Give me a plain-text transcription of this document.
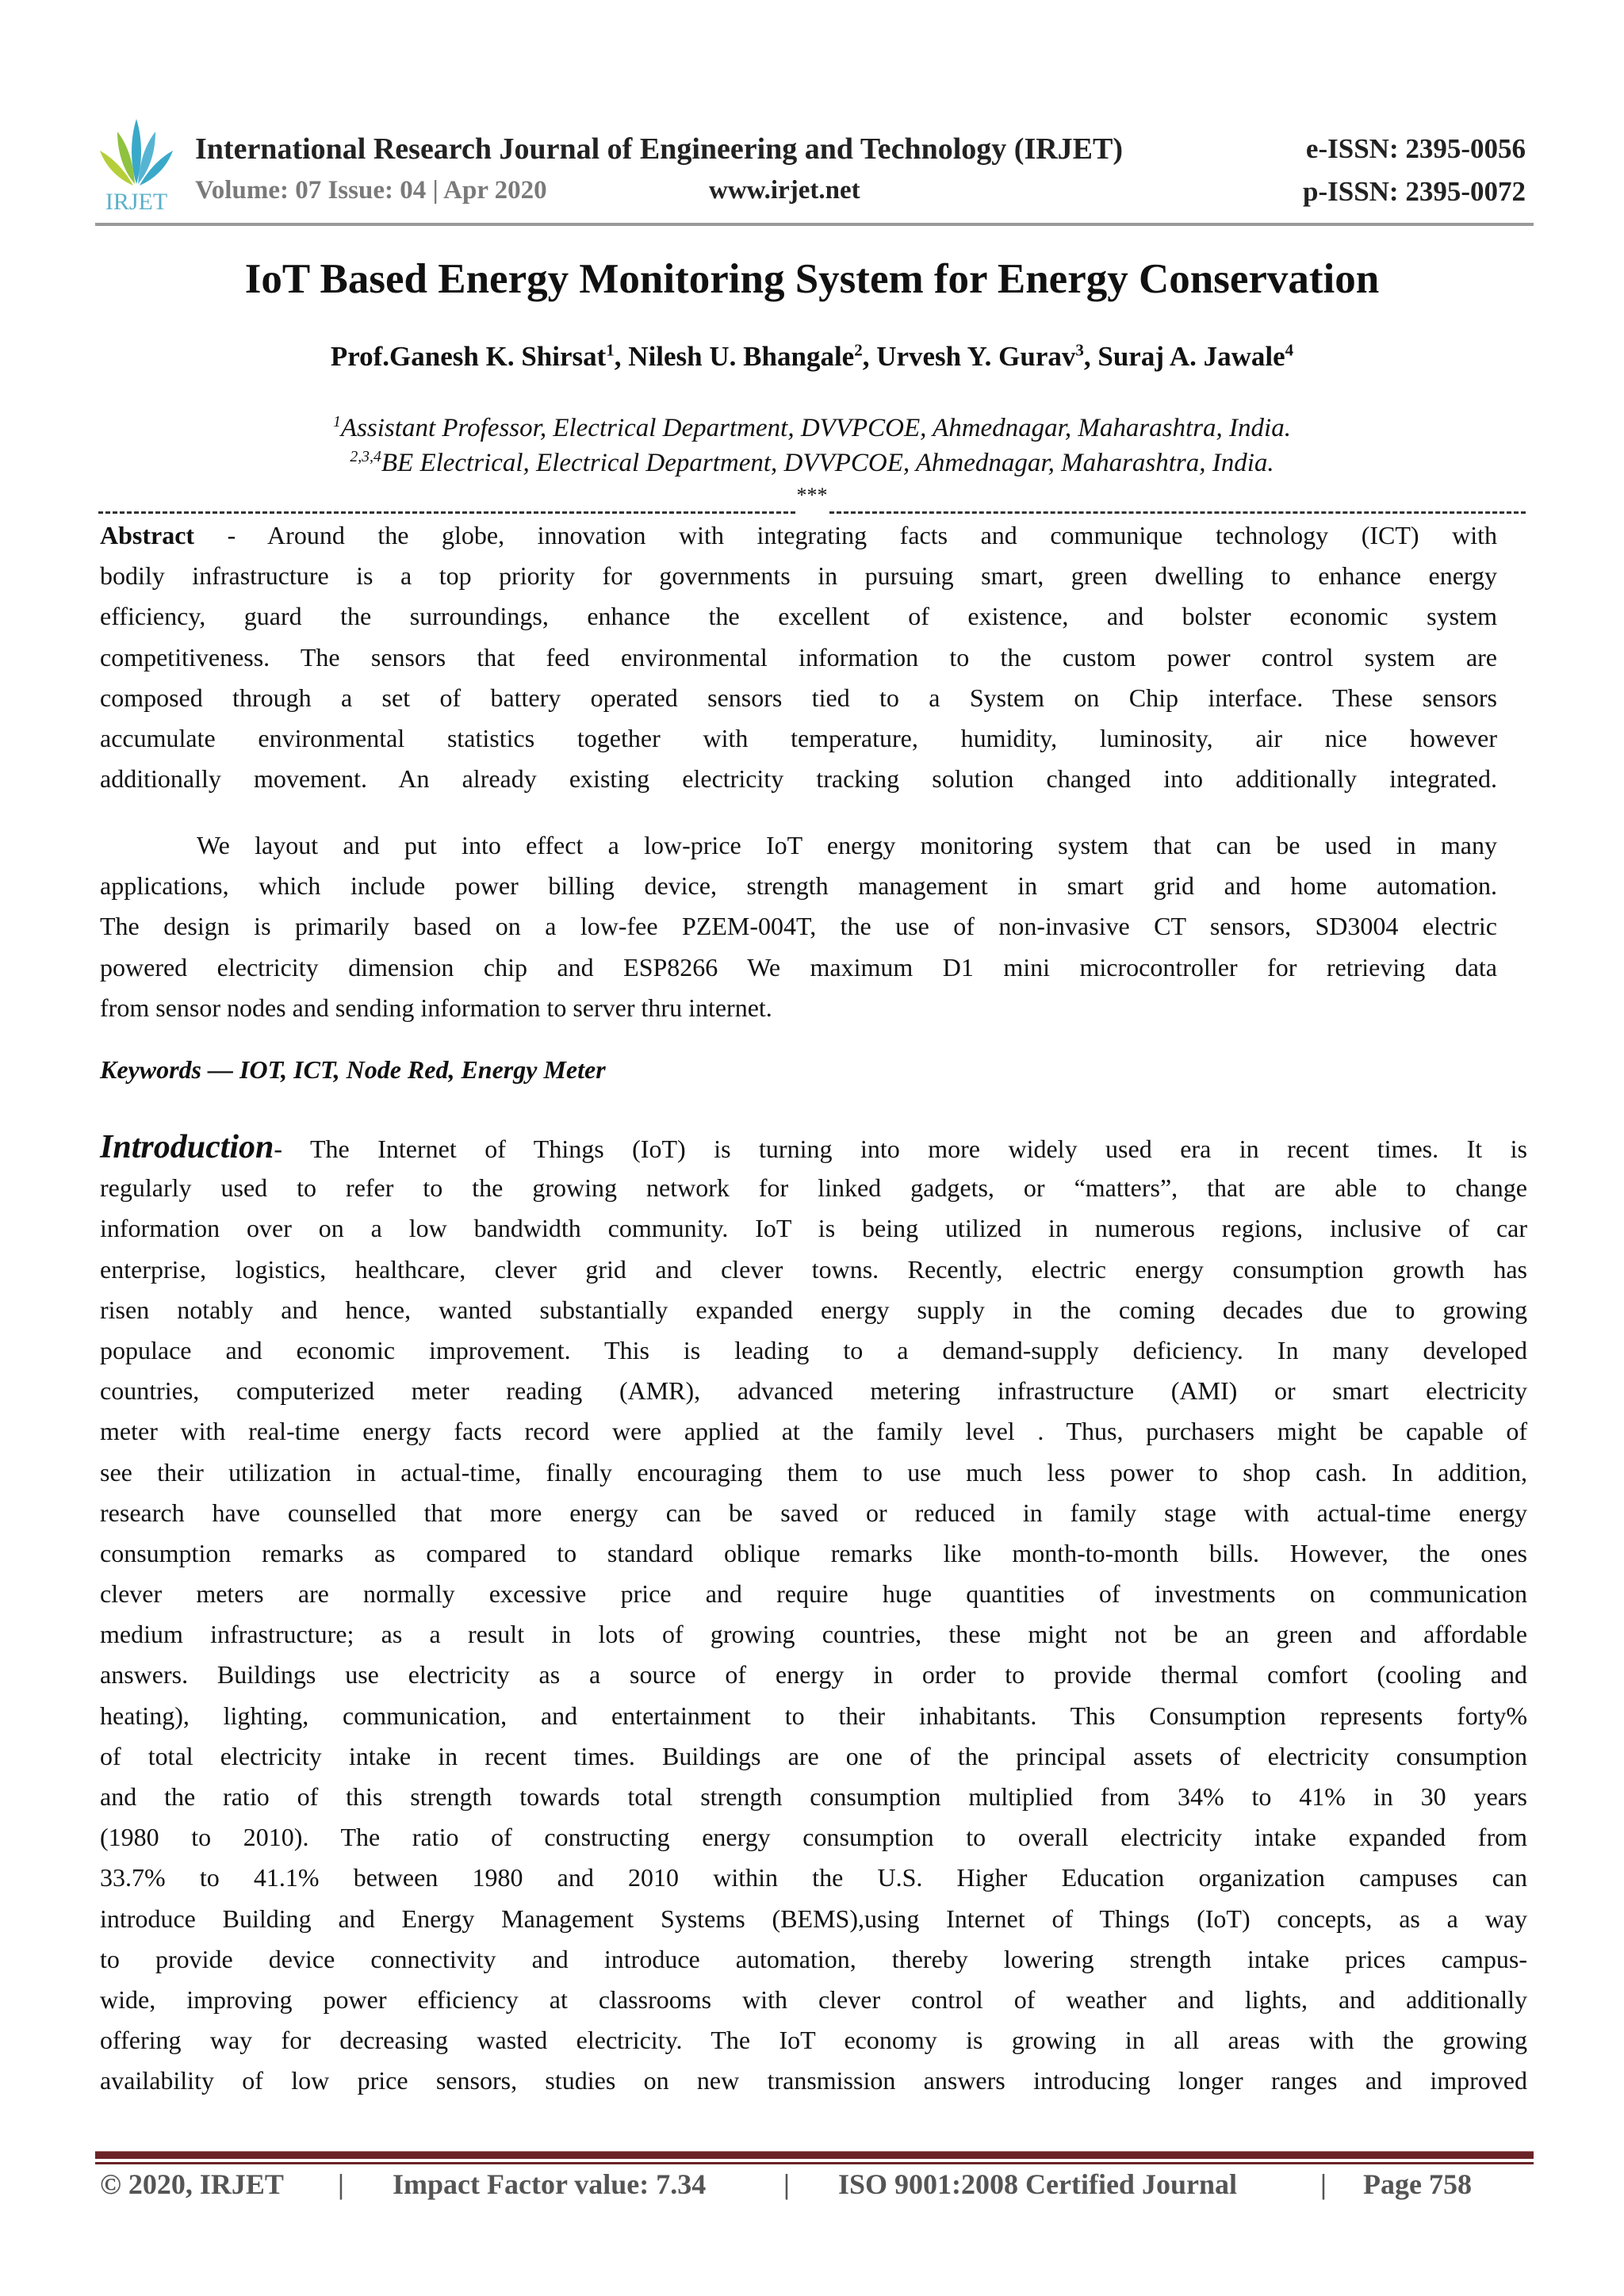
IRJET
International Research Journal of Engineering and Technology (IRJET)	e-ISSN: 2395-0056
Volume: 07 Issue: 04 | Apr 2020	www.irjet.net	p-ISSN: 2395-0072
IoT Based Energy Monitoring System for Energy Conservation
Prof.Ganesh K. Shirsat$^1$, Nilesh U. Bhangale$^2$, Urvesh Y. Gurav$^3$, Suraj A. Jawale$^4$
$^1$Assistant Professor, Electrical Department, DVVPCOE, Ahmednagar, Maharashtra, India.
$^{2,3,4}$BE Electrical, Electrical Department, DVVPCOE, Ahmednagar, Maharashtra, India.
***
Abstract - Around the globe, innovation with integrating facts and communique technology (ICT) with
bodily infrastructure is a top priority for governments in pursuing smart, green dwelling to enhance energy
efficiency, guard the surroundings, enhance the excellent of existence, and bolster economic system
competitiveness. The sensors that feed environmental information to the custom power control system are
composed through a set of battery operated sensors tied to a System on Chip interface. These sensors
accumulate environmental statistics together with temperature, humidity, luminosity, air nice however
additionally movement. An already existing electricity tracking solution changed into additionally integrated.
We layout and put into effect a low-price IoT energy monitoring system that can be used in many
applications, which include power billing device, strength management in smart grid and home automation.
The design is primarily based on a low-fee PZEM-004T, the use of non-invasive CT sensors, SD3004 electric
powered electricity dimension chip and ESP8266 We maximum D1 mini microcontroller for retrieving data
from sensor nodes and sending information to server thru internet.
Keywords — IOT, ICT, Node Red, Energy Meter
Introduction- The Internet of Things (IoT) is turning into more widely used era in recent times. It is
regularly used to refer to the growing network for linked gadgets, or “matters”, that are able to change
information over on a low bandwidth community. IoT is being utilized in numerous regions, inclusive of car
enterprise, logistics, healthcare, clever grid and clever towns. Recently, electric energy consumption growth has
risen notably and hence, wanted substantially expanded energy supply in the coming decades due to growing
populace and economic improvement. This is leading to a demand-supply deficiency. In many developed
countries, computerized meter reading (AMR), advanced metering infrastructure (AMI) or smart electricity
meter with real-time energy facts record were applied at the family level . Thus, purchasers might be capable of
see their utilization in actual-time, finally encouraging them to use much less power to shop cash. In addition,
research have counselled that more energy can be saved or reduced in family stage with actual-time energy
consumption remarks as compared to standard oblique remarks like month-to-month bills. However, the ones
clever meters are normally excessive price and require huge quantities of investments on communication
medium infrastructure; as a result in lots of growing countries, these might not be an green and affordable
answers. Buildings use electricity as a source of energy in order to provide thermal comfort (cooling and
heating), lighting, communication, and entertainment to their inhabitants. This Consumption represents forty%
of total electricity intake in recent times. Buildings are one of the principal assets of electricity consumption
and the ratio of this strength towards total strength consumption multiplied from 34% to 41% in 30 years
(1980 to 2010). The ratio of constructing energy consumption to overall electricity intake expanded from
33.7% to 41.1% between 1980 and 2010 within the U.S. Higher Education organization campuses can
introduce Building and Energy Management Systems (BEMS),using Internet of Things (IoT) concepts, as a way
to provide device connectivity and introduce automation, thereby lowering strength intake prices campus-
wide, improving power efficiency at classrooms with clever control of weather and lights, and additionally
offering way for decreasing wasted electricity. The IoT economy is growing in all areas with the growing
availability of low price sensors, studies on new transmission answers introducing longer ranges and improved
© 2020, IRJET | Impact Factor value: 7.34	| ISO 9001:2008 Certified Journal	| Page 758
